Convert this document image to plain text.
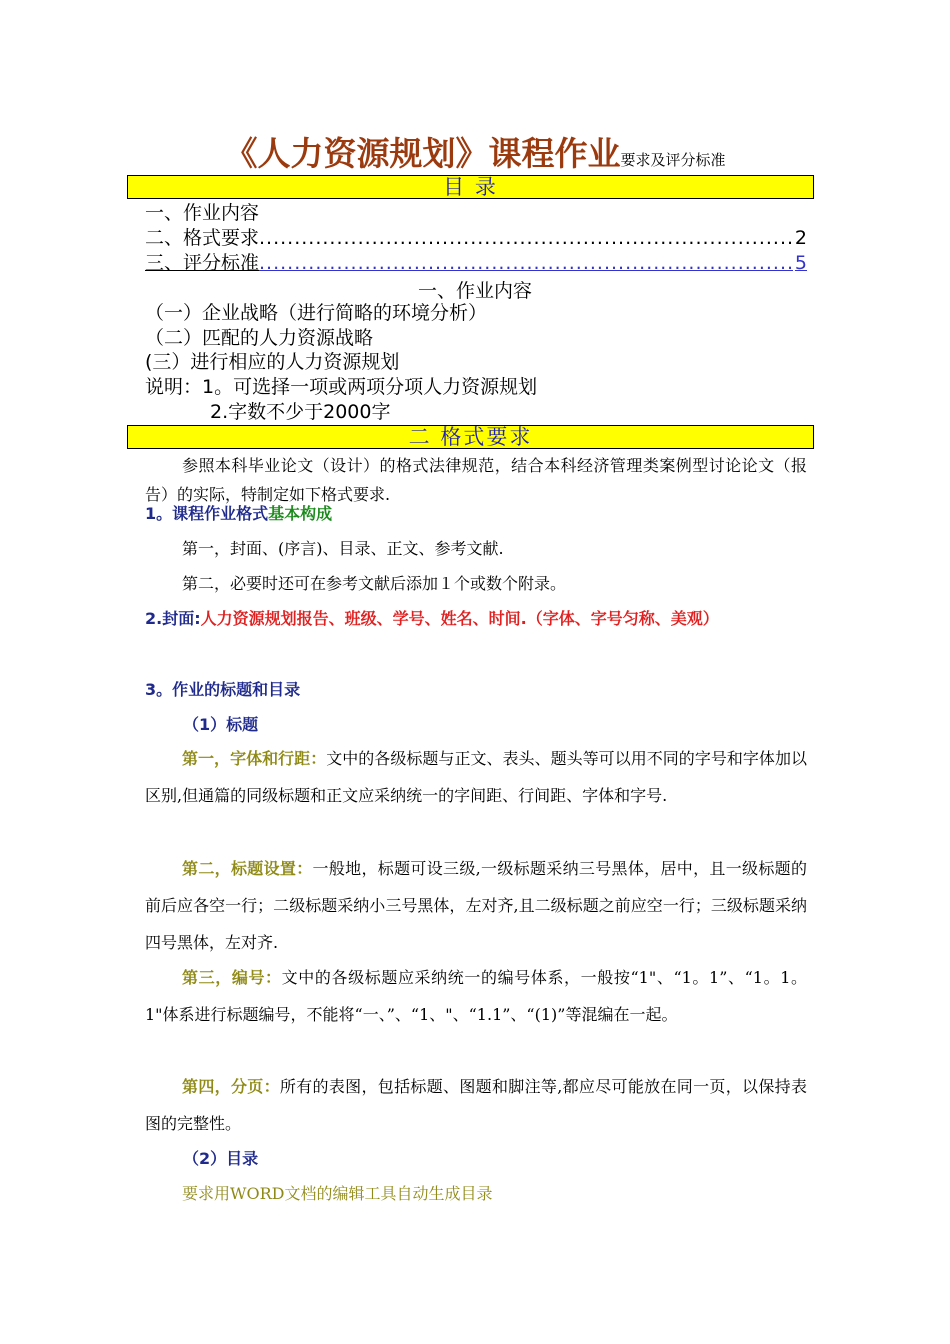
《人力资源规划》课程作业要求及评分标准
目 录
一、作业内容
二、格式要求 .....	2
三、评分标准 .....	5
一、作业内容
（一）企业战略（进行简略的环境分析）
（二）匹配的人力资源战略
(三）进行相应的人力资源规划
说明：1。可选择一项或两项分项人力资源规划
2.字数不少于2000字
二 格式要求
参照本科毕业论文（设计）的格式法律规范，结合本科经济管理类案例型讨论论文（报告）的实际，特制定如下格式要求.
1。课程作业格式基本构成
第一，封面、(序言)、目录、正文、参考文献.
第二，必要时还可在参考文献后添加１个或数个附录。
2.封面:人力资源规划报告、班级、学号、姓名、时间.（字体、字号匀称、美观）
3。作业的标题和目录
（1）标题
第一，字体和行距：文中的各级标题与正文、表头、题头等可以用不同的字号和字体加以区别,但通篇的同级标题和正文应采纳统一的字间距、行间距、字体和字号.
第二，标题设置：一般地，标题可设三级,一级标题采纳三号黑体，居中，且一级标题的前后应各空一行；二级标题采纳小三号黑体，左对齐,且二级标题之前应空一行；三级标题采纳四号黑体，左对齐.
第三，编号：文中的各级标题应采纳统一的编号体系，一般按“1"、“1。1”、“1。1。1"体系进行标题编号，不能将“一、”、“1、"、“1.1”、“(1)”等混编在一起。
第四，分页：所有的表图，包括标题、图题和脚注等,都应尽可能放在同一页，以保持表图的完整性。
（2）目录
要求用WORD文档的编辑工具自动生成目录
